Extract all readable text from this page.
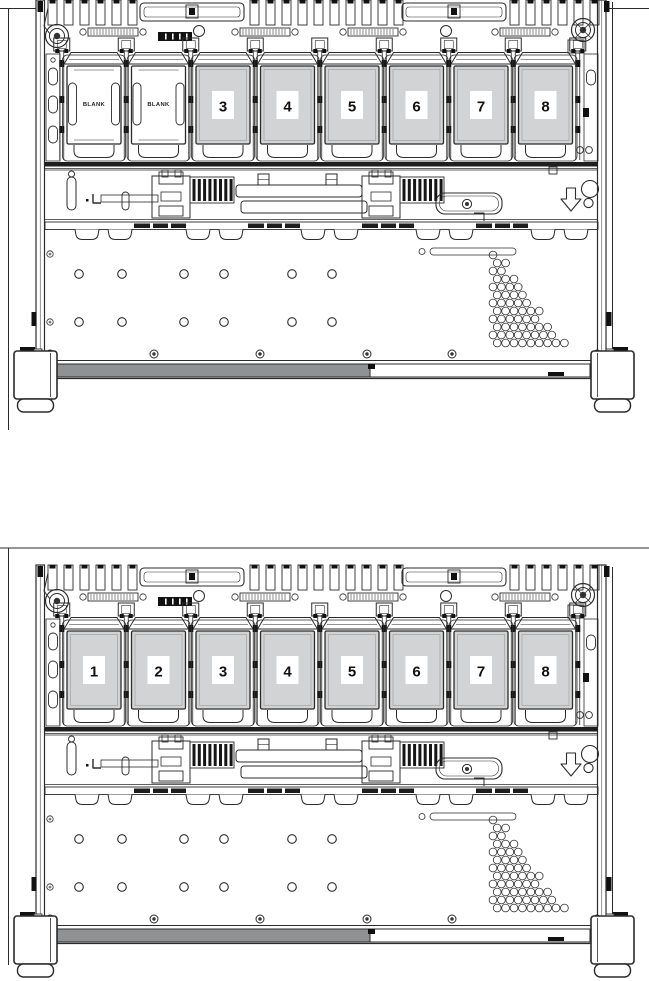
BLANK	BLANK	3	4	5	6	7	8
1	2	3	4	5	6	7	8
